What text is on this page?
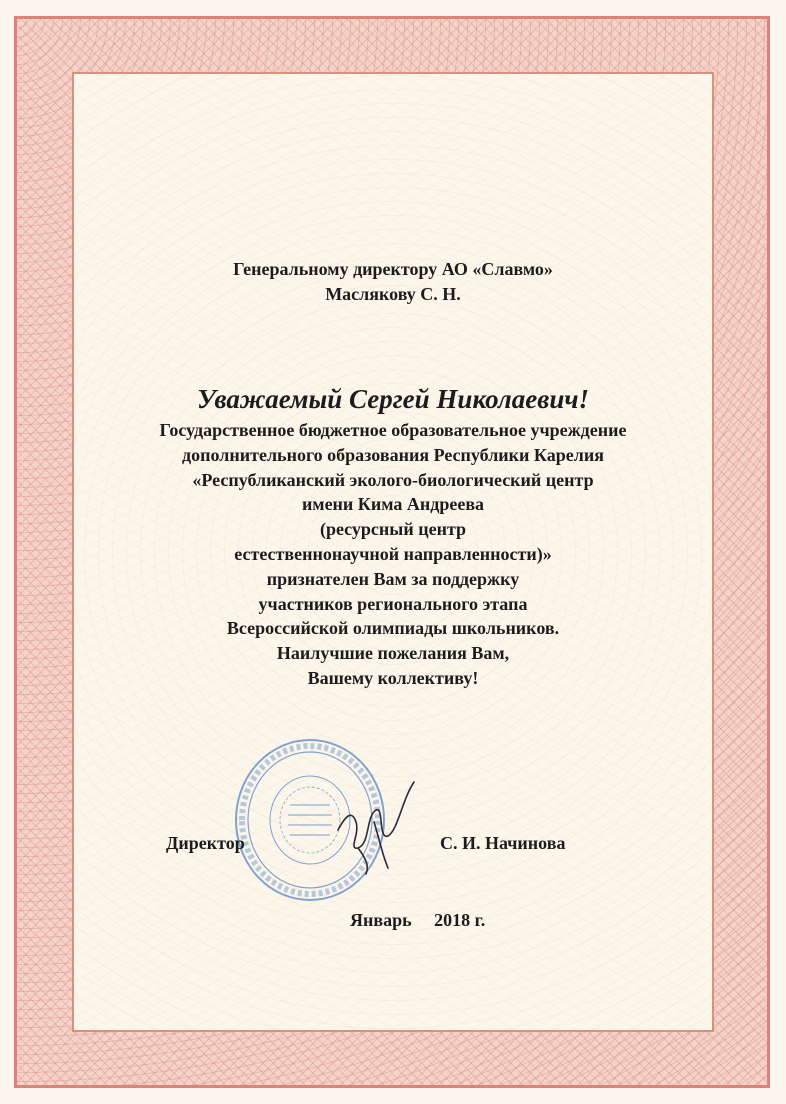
Генеральному директору АО «Славмо»
Маслякову С. Н.
Уважаемый Сергей Николаевич!
Государственное бюджетное образовательное учреждение
дополнительного образования Республики Карелия
«Республиканский эколого-биологический центр
имени Кима Андреева
(ресурсный центр
естественнонаучной направленности)»
признателен Вам за поддержку
участников регионального этапа
Всероссийской олимпиады школьников.
Наилучшие пожелания Вам,
Вашему коллективу!
Директор	С. И. Начинова
Январь     2018 г.
